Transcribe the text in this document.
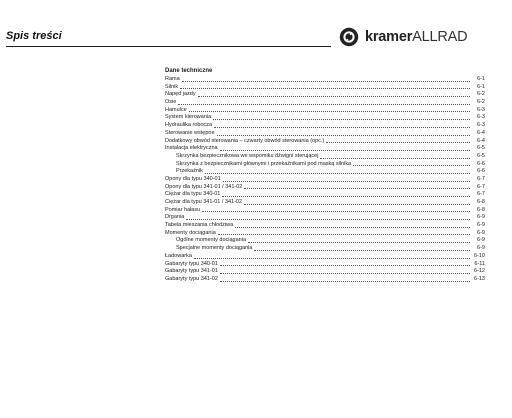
Spis treści	kramerALLRAD
Dane techniczne
Rama	6-1
Silnik	6-1
Napęd jazdy	6-2
Osie	6-2
Hamulce	6-3
System kierowania	6-3
Hydraulika robocza	6-3
Sterowanie wstępne	6-4
Dodatkowy obwód sterowania – czwarty obwód sterowania (opc.)	6-4
Instalacja elektryczna	6-5
Skrzynka bezpiecznikowa we wspomiku dźwigni sterującej	6-5
Skrzynka z bezpiecznikami głównymi i przekaźnikami pod maską silnika	6-6
Przekaźnik	6-6
Opony dla typu 340-01	6-7
Opony dla typu 341-01 / 341-02	6-7
Ciężar dla typu 340-01	6-7
Ciężar dla typu 341-01 / 341-02	6-8
Pomiar hałasu	6-8
Drgania	6-9
Tabela mieszania chłodziwa	6-9
Momenty dociągania	6-9
Ogólne momenty dociągania	6-9
Specjalne momenty dociągania	6-9
Ładowarka	6-10
Gabaryty typu 340-01	6-11
Gabaryty typu 341-01	6-12
Gabaryty typu 341-02	6-13
